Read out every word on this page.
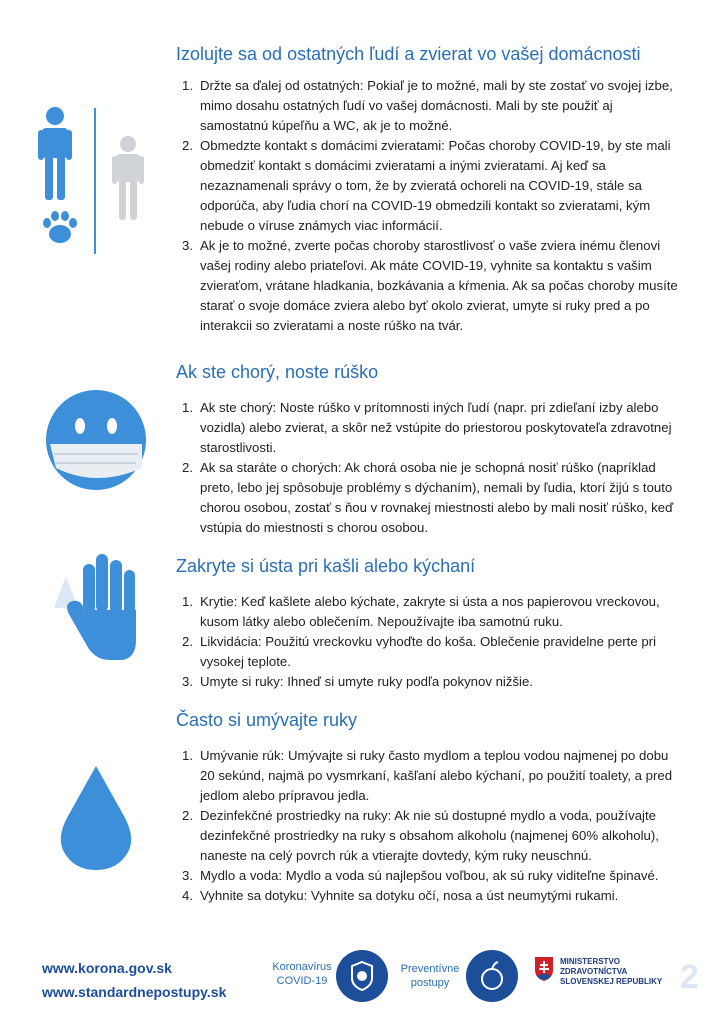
Izolujte sa od ostatných ľudí a zvierat vo vašej domácnosti
1. Držte sa ďalej od ostatných: Pokiaľ je to možné, mali by ste zostať vo svojej izbe,
mimo dosahu ostatných ľudí vo vašej domácnosti. Mali by ste použiť aj
samostatnú kúpeľňu a WC, ak je to možné.
2. Obmedzte kontakt s domácimi zvieratami: Počas choroby COVID-19, by ste mali
obmedziť kontakt s domácimi zvieratami a inými zvieratami. Aj keď sa
nezaznamenali správy o tom, že by zvieratá ochoreli na COVID-19, stále sa
odporúča, aby ľudia chorí na COVID-19 obmedzili kontakt so zvieratami, kým
nebude o víruse známych viac informácií.
3. Ak je to možné, zverte počas choroby starostlivosť o vaše zviera inému členovi
vašej rodiny alebo priateľovi. Ak máte COVID-19, vyhnite sa kontaktu s vašim
zvieraťom, vrátane hladkania, bozkávania a kŕmenia. Ak sa počas choroby musíte
starať o svoje domáce zviera alebo byť okolo zvierat, umyte si ruky pred a po
interakcii so zvieratami a noste rúško na tvár.
Ak ste chorý, noste rúško
1. Ak ste chorý: Noste rúško v prítomnosti iných ľudí (napr. pri zdieľaní izby alebo
vozidla) alebo zvierat, a skôr než vstúpite do priestorou poskytovateľa zdravotnej
starostlivosti.
2. Ak sa staráte o chorých: Ak chorá osoba nie je schopná nosiť rúško (napríklad
preto, lebo jej spôsobuje problémy s dýchaním), nemali by ľudia, ktorí žijú s touto
chorou osobou, zostať s ňou v rovnakej miestnosti alebo by mali nosiť rúško, keď
vstúpia do miestnosti s chorou osobou.
Zakryte si ústa pri kašli alebo kýchaní
1. Krytie: Keď kašlete alebo kýchate, zakryte si ústa a nos papierovou vreckovou,
kusom látky alebo oblečením. Nepoužívajte iba samotnú ruku.
2. Likvidácia: Použitú vreckovku vyhoďte do koša. Oblečenie pravidelne perte pri
vysokej teplote.
3. Umyte si ruky: Ihneď si umyte ruky podľa pokynov nižšie.
Často si umývajte ruky
1. Umývanie rúk: Umývajte si ruky často mydlom a teplou vodou najmenej po dobu
20 sekúnd, najmä po vysmrkaní, kašľaní alebo kýchaní, po použití toalety, a pred
jedlom alebo prípravou jedla.
2. Dezinfekčné prostriedky na ruky: Ak nie sú dostupné mydlo a voda, používajte
dezinfekčné prostriedky na ruky s obsahom alkoholu (najmenej 60% alkoholu),
naneste na celý povrch rúk a vtierajte dovtedy, kým ruky neuschnú.
3. Mydlo a voda: Mydlo a voda sú najlepšou voľbou, ak sú ruky viditeľne špinavé.
4. Vyhnite sa dotyku: Vyhnite sa dotyku očí, nosa a úst neumytými rukami.
www.korona.gov.sk
www.standardnepostupy.sk
Koronavírus
COVID-19
Preventívne
postupy
MINISTERSTVO
ZDRAVOTNÍCTVA
SLOVENSKEJ REPUBLIKY 2
